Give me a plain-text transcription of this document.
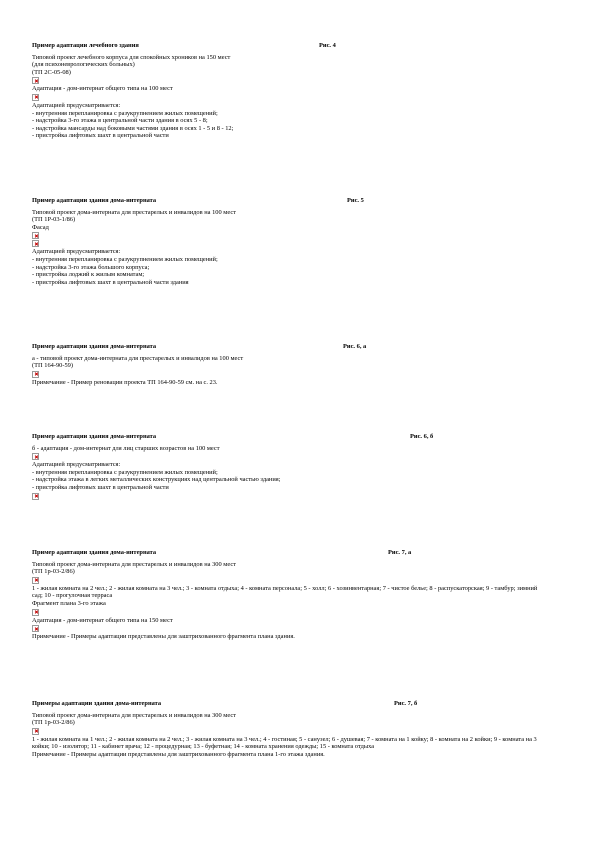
Пример адаптации лечебного здания	Рис. 4
Типовой проект лечебного корпуса для спокойных хроников на 150 мест
(для психоневрологических больных)
(ТП 2С-05-08)
Адаптация - дом-интернат общего типа на 100 мест
Адаптацией предусматривается:
- внутренняя перепланировка с разукрупнением жилых помещений;
- надстройка 3-го этажа в центральной части здания в осях 5 - 8;
- надстройка мансарды над боковыми частями здания в осях 1 - 5 и 8 - 12;
- пристройка лифтовых шахт в центральной части
Пример адаптации здания дома-интерната	Рис. 5
Типовой проект дома-интерната для престарелых и инвалидов на 100 мест
(ТП 1Р-03-1/86)
Фасад
Адаптацией предусматривается:
- внутренняя перепланировка с разукрупнением жилых помещений;
- надстройка 3-го этажа большого корпуса;
- пристройка лоджий к жилым комнатам;
- пристройка лифтовых шахт в центральной части здания
Пример адаптации здания дома-интерната	Рис. 6, а
а - типовой проект дома-интерната для престарелых и инвалидов на 100 мест
(ТП 164-90-59)
Примечание - Пример реновации проекта ТП 164-90-59 см. на с. 23.
Пример адаптации здания дома-интерната	Рис. 6, б
б - адаптация - дом-интернат для лиц старших возрастов на 100 мест
Адаптацией предусматривается:
- внутренняя перепланировка с разукрупнением жилых помещений;
- надстройка этажа в легких металлических конструкциях над центральной частью здания;
- пристройка лифтовых шахт в центральной части
Пример адаптации здания дома-интерната	Рис. 7, а
Типовой проект дома-интерната для престарелых и инвалидов на 300 мест
(ТП 1р-03-2/86)
1 - жилая комната на 2 чел.; 2 - жилая комната на 3 чел.; 3 - комната отдыха; 4 - комната персонала; 5 - холл; 6 - хозинвентарная; 7 - чистое белье; 8 - распускаторская; 9 - тамбур; зимний сад; 10 - прогулочная терраса
Фрагмент плана 3-го этажа
Адаптация - дом-интернат общего типа на 150 мест
Примечание - Примеры адаптации представлены для заштрихованного фрагмента плана здания.
Примеры адаптации здания дома-интерната	Рис. 7, б
Типовой проект дома-интерната для престарелых и инвалидов на 300 мест
(ТП 1р-03-2/86)
1 - жилая комната на 1 чел.; 2 - жилая комната на 2 чел.; 3 - жилая комната на 3 чел.; 4 - гостиная; 5 - санузел; 6 - душевая; 7 - комната на 1 койку; 8 - комната на 2 койки; 9 - комната на 3 койки; 10 - изолятор; 11 - кабинет врача; 12 - процедурная; 13 - буфетная; 14 - комната хранения одежды; 15 - комната отдыха
Примечание - Примеры адаптации представлены для заштрихованного фрагмента плана 1-го этажа здания.
